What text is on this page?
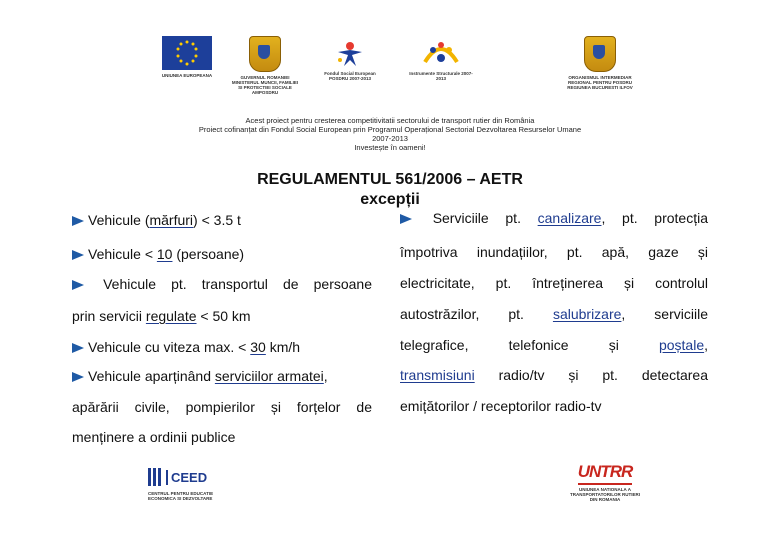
UNIUNEA EUROPEANA	GUVERNUL ROMANIEI MINISTERUL MUNCII, FAMILIEI SI PROTECTIEI SOCIALE AMPOSDRU
Fondul Social European POSDRU 2007-2013
Instrumente Structurale 2007-2013	ORGANISMUL INTERMEDIAR REGIONAL PENTRU POSDRU REGIUNEA BUCURESTI ILFOV
Acest proiect pentru cresterea competitivitatii sectorului de transport rutier din România
Proiect cofinanțat din Fondul Social European prin Programul Operațional Sectorial Dezvoltarea Resurselor Umane
2007-2013
Investește în oameni!
REGULAMENTUL 561/2006 – AETR
excepții
Vehicule (mărfuri) < 3.5 t
Vehicule < 10 (persoane)
Vehicule pt. transportul de persoane
prin servicii regulate < 50 km
Vehicule cu viteza max. < 30 km/h
Vehicule aparținând serviciilor armatei,
apărării civile, pompierilor și forțelor de
menținere a ordinii publice
Serviciile pt. canalizare, pt. protecția
împotriva inundațiilor, pt. apă, gaze și
electricitate, pt. întreținerea și controlul
autostrăzilor, pt. salubrizare, serviciile
telegrafice,	telefonice	și	poștale,
transmisiuni radio/tv și pt. detectarea
emițătorilor / receptorilor radio-tv
CEED
CENTRUL PENTRU EDUCATIE ECONOMICA SI DEZVOLTARE
UNTRR
UNIUNEA NATIONALA A TRANSPORTATORILOR RUTIERI DIN ROMANIA
